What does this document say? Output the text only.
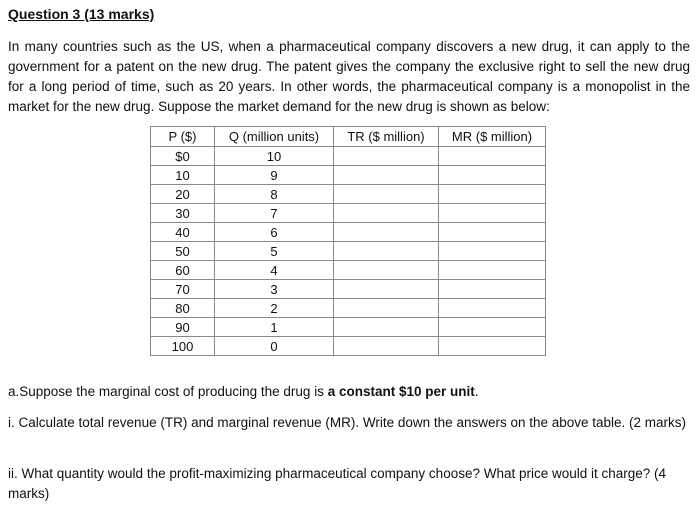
Question 3 (13 marks)
In many countries such as the US, when a pharmaceutical company discovers a new drug, it can apply to the government for a patent on the new drug. The patent gives the company the exclusive right to sell the new drug for a long period of time, such as 20 years. In other words, the pharmaceutical company is a monopolist in the market for the new drug. Suppose the market demand for the new drug is shown as below:
P ($)	Q (million units)	TR ($ million)	MR ($ million)
$0	10		
10	9		
20	8		
30	7		
40	6		
50	5		
60	4		
70	3		
80	2		
90	1		
100	0		
a.Suppose the marginal cost of producing the drug is a constant $10 per unit.
i. Calculate total revenue (TR) and marginal revenue (MR). Write down the answers on the above table. (2 marks)
ii. What quantity would the profit-maximizing pharmaceutical company choose? What price would it charge? (4 marks)
